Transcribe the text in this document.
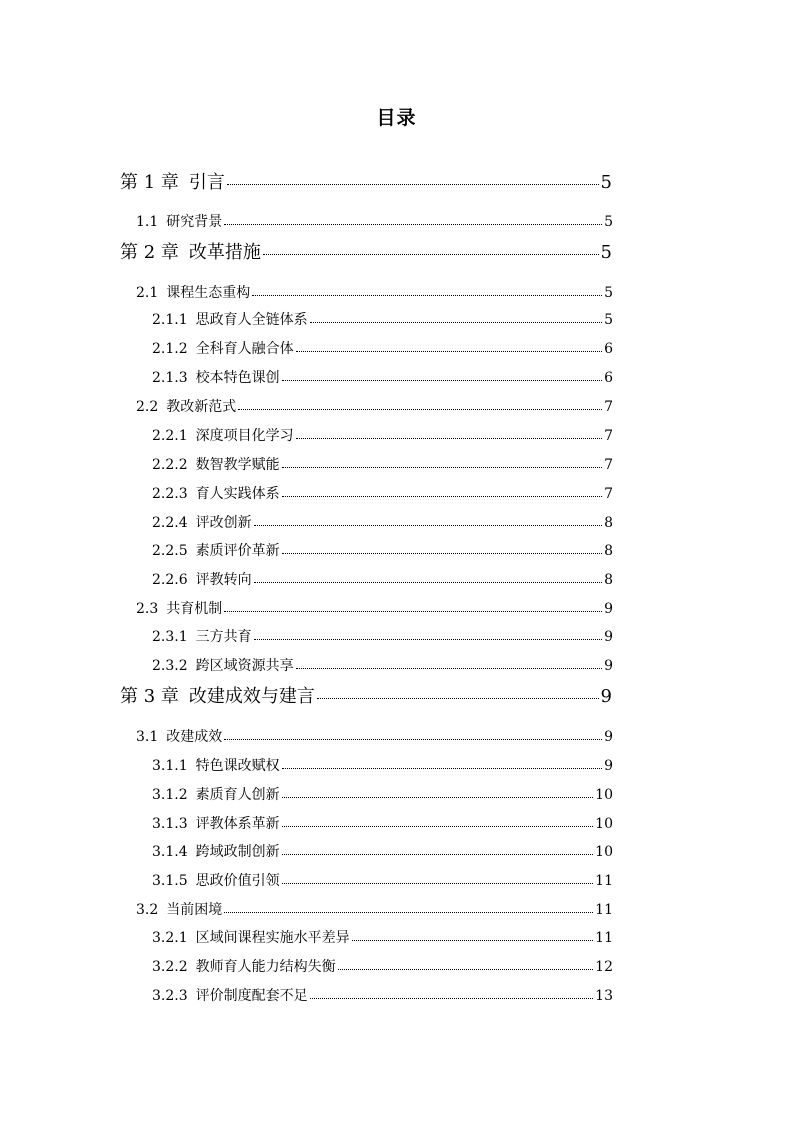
目录
第 1 章 引言	5
1.1 研究背景	5
第 2 章 改革措施	5
2.1 课程生态重构	5
2.1.1 思政育人全链体系	5
2.1.2 全科育人融合体	6
2.1.3 校本特色课创	6
2.2 教改新范式	7
2.2.1 深度项目化学习	7
2.2.2 数智教学赋能	7
2.2.3 育人实践体系	7
2.2.4 评改创新	8
2.2.5 素质评价革新	8
2.2.6 评教转向	8
2.3 共育机制	9
2.3.1 三方共育	9
2.3.2 跨区域资源共享	9
第 3 章 改建成效与建言	9
3.1 改建成效	9
3.1.1 特色课改赋权	9
3.1.2 素质育人创新	10
3.1.3 评教体系革新	10
3.1.4 跨域政制创新	10
3.1.5 思政价值引领	11
3.2 当前困境	11
3.2.1 区域间课程实施水平差异	11
3.2.2 教师育人能力结构失衡	12
3.2.3 评价制度配套不足	13
